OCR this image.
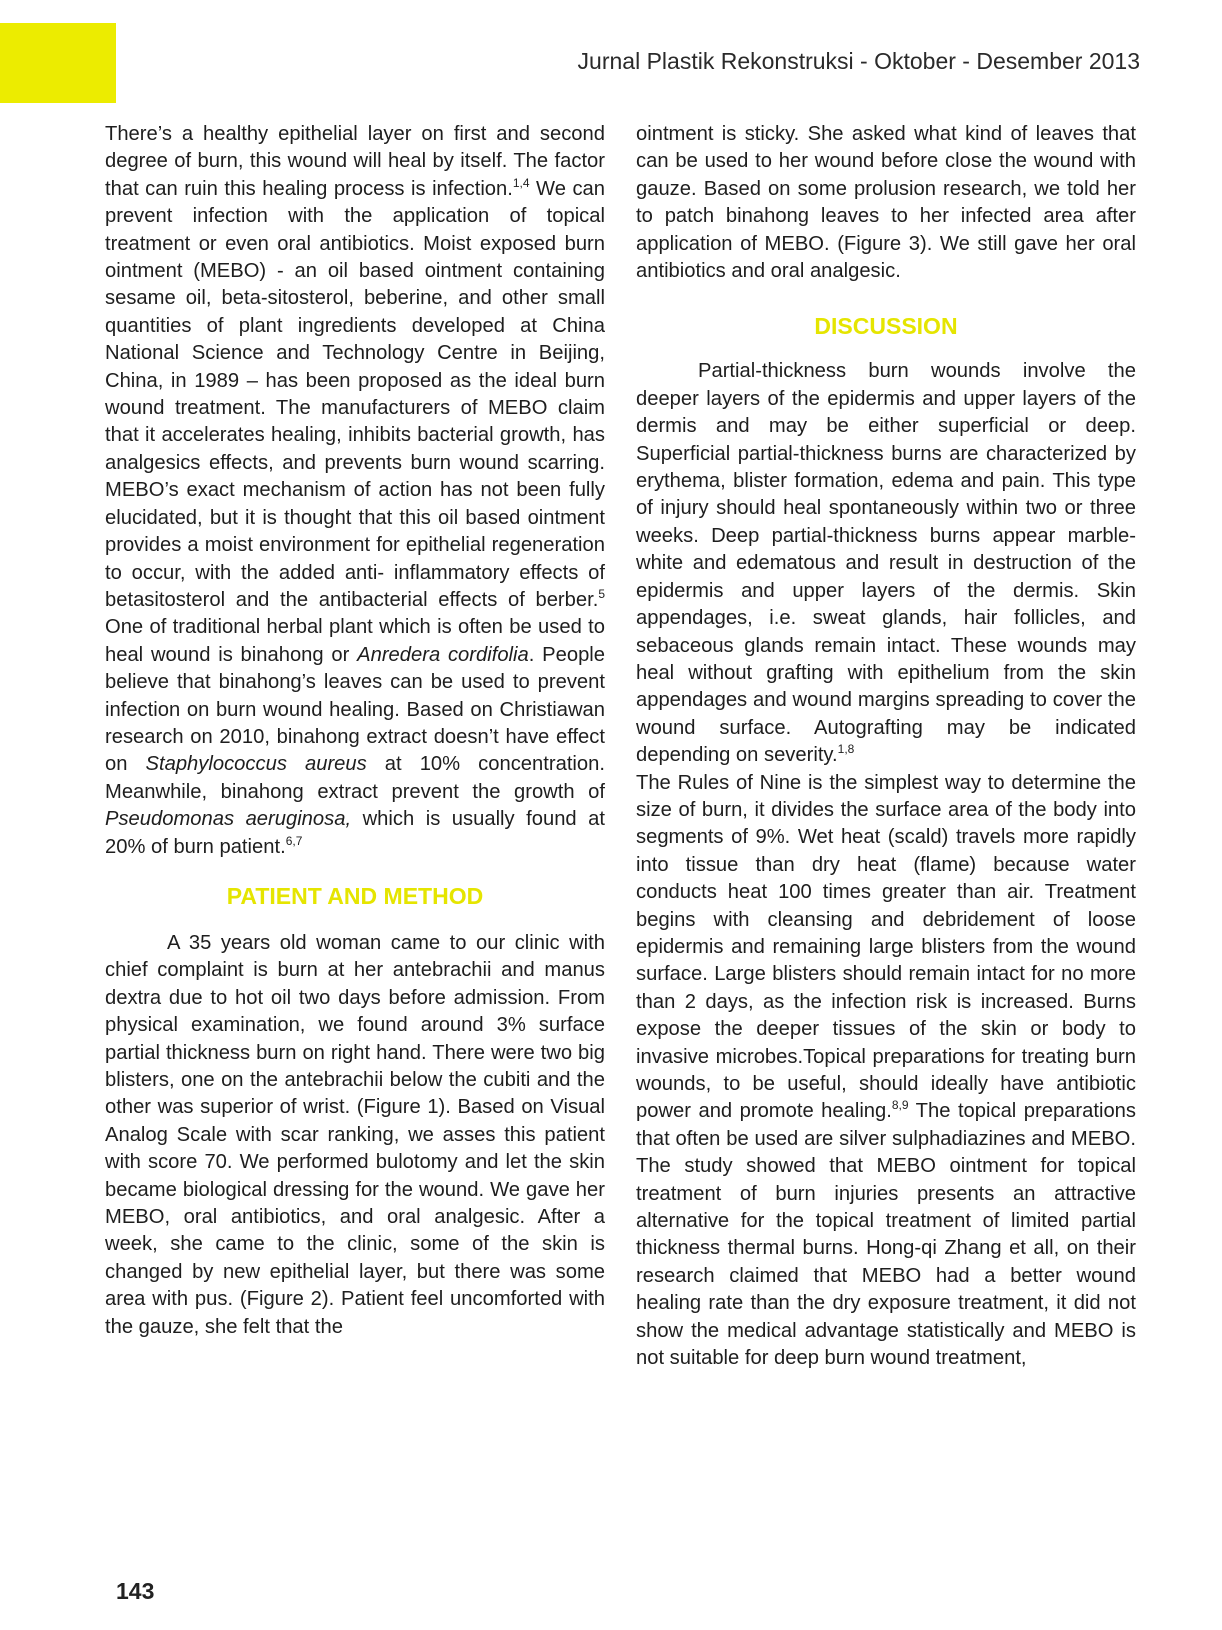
Jurnal Plastik Rekonstruksi - Oktober - Desember 2013

There’s a healthy epithelial layer on first and second degree of burn, this wound will heal by itself. The factor that can ruin this healing process is infection.$^{1,4}$ We can prevent infection with the application of topical treatment or even oral antibiotics. Moist exposed burn ointment (MEBO) - an oil based ointment containing sesame oil, beta-sitosterol, beberine, and other small quantities of plant ingredients developed at China National Science and Technology Centre in Beijing, China, in 1989 – has been proposed as the ideal burn wound treatment. The manufacturers of MEBO claim that it accelerates healing, inhibits bacterial growth, has analgesics effects, and prevents burn wound scarring. MEBO’s exact mechanism of action has not been fully elucidated, but it is thought that this oil based ointment provides a moist environment for epithelial regeneration to occur, with the added anti- inflammatory effects of betasitosterol and the antibacterial effects of berber.$^5$ One of traditional herbal plant which is often be used to heal wound is binahong or Anredera cordifolia. People believe that binahong’s leaves can be used to prevent infection on burn wound healing. Based on Christiawan research on 2010, binahong extract doesn’t have effect on Staphylococcus aureus at 10% concentration. Meanwhile, binahong extract prevent the growth of Pseudomonas aeruginosa, which is usually found at 20% of burn patient.$^{6,7}$

PATIENT AND METHOD

A 35 years old woman came to our clinic with chief complaint is burn at her antebrachii and manus dextra due to hot oil two days before admission. From physical examination, we found around 3% surface partial thickness burn on right hand. There were two big blisters, one on the antebrachii below the cubiti and the other was superior of wrist. (Figure 1). Based on Visual Analog Scale with scar ranking, we asses this patient with score 70. We performed bulotomy and let the skin became biological dressing for the wound. We gave her MEBO, oral antibiotics, and oral analgesic. After a week, she came to the clinic, some of the skin is changed by new epithelial layer, but there was some area with pus. (Figure 2). Patient feel uncomforted with the gauze, she felt that the

ointment is sticky. She asked what kind of leaves that can be used to her wound before close the wound with gauze. Based on some prolusion research, we told her to patch binahong leaves to her infected area after application of MEBO. (Figure 3). We still gave her oral antibiotics and oral analgesic.

DISCUSSION

Partial-thickness burn wounds involve the deeper layers of the epidermis and upper layers of the dermis and may be either superficial or deep. Superficial partial-thickness burns are characterized by erythema, blister formation, edema and pain. This type of injury should heal spontaneously within two or three weeks. Deep partial-thickness burns appear marble-white and edematous and result in destruction of the epidermis and upper layers of the dermis. Skin appendages, i.e. sweat glands, hair follicles, and sebaceous glands remain intact. These wounds may heal without grafting with epithelium from the skin appendages and wound margins spreading to cover the wound surface. Autografting may be indicated depending on severity.$^{1,8}$

The Rules of Nine is the simplest way to determine the size of burn, it divides the surface area of the body into segments of 9%. Wet heat (scald) travels more rapidly into tissue than dry heat (flame) because water conducts heat 100 times greater than air. Treatment begins with cleansing and debridement of loose epidermis and remaining large blisters from the wound surface. Large blisters should remain intact for no more than 2 days, as the infection risk is increased. Burns expose the deeper tissues of the skin or body to invasive microbes.Topical preparations for treating burn wounds, to be useful, should ideally have antibiotic power and promote healing.$^{8,9}$ The topical preparations that often be used are silver sulphadiazines and MEBO. The study showed that MEBO ointment for topical treatment of burn injuries presents an attractive alternative for the topical treatment of limited partial thickness thermal burns. Hong-qi Zhang et all, on their research claimed that MEBO had a better wound healing rate than the dry exposure treatment, it did not show the medical advantage statistically and MEBO is not suitable for deep burn wound treatment,

143
